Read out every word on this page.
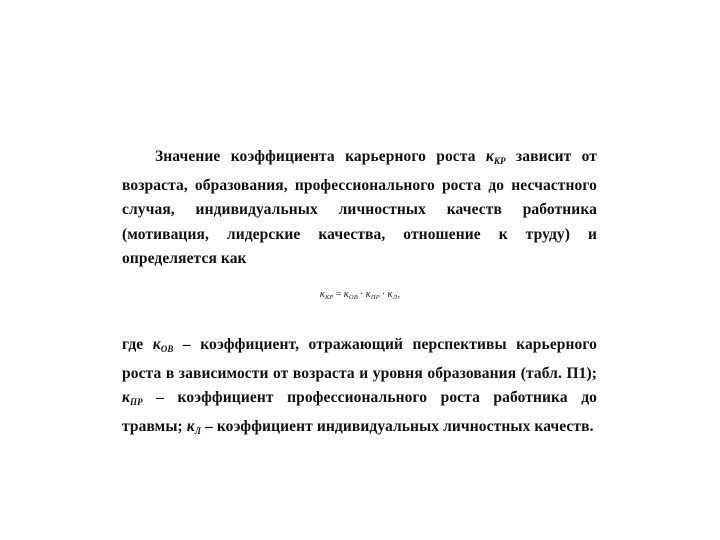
Значение коэффициента карьерного роста $к_{КР}$ зависит от возраста, образования, профессионального роста до несчастного случая, индивидуальных личностных качеств работника (мотивация, лидерские качества, отношение к труду) и определяется как

$к_{КР} = к_{ОВ} \cdot к_{ПР} \cdot к_Л$,

где $к_{ОВ}$ – коэффициент, отражающий перспективы карьерного роста в зависимости от возраста и уровня образования (табл. П1); $к_{ПР}$ – коэффициент профессионального роста работника до травмы; $к_Л$ – коэффициент индивидуальных личностных качеств.
